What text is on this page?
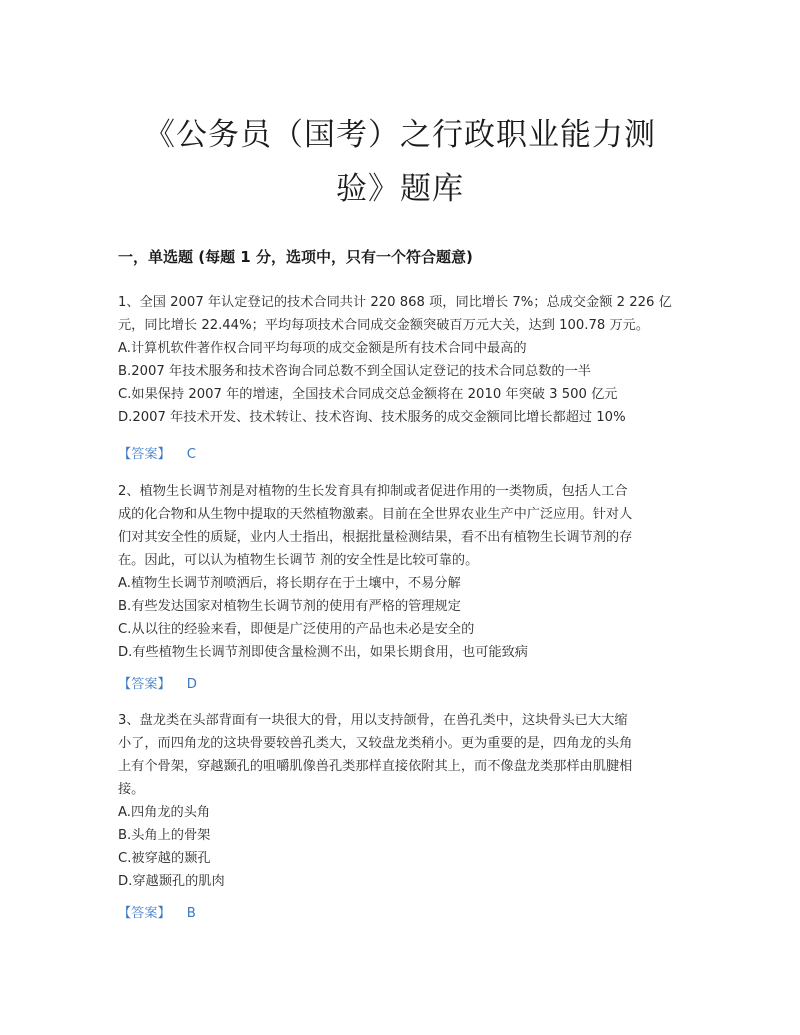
《公务员（国考）之行政职业能力测
验》题库
一，单选题 (每题 1 分，选项中，只有一个符合题意)

1、全国 2007 年认定登记的技术合同共计 220 868 项，同比增长 7%；总成交金额 2 226 亿

元，同比增长 22.44%；平均每项技术合同成交金额突破百万元大关，达到 100.78 万元。

A.计算机软件著作权合同平均每项的成交金额是所有技术合同中最高的

B.2007 年技术服务和技术咨询合同总数不到全国认定登记的技术合同总数的一半

C.如果保持 2007 年的增速，全国技术合同成交总金额将在 2010 年突破 3 500 亿元

D.2007 年技术开发、技术转让、技术咨询、技术服务的成交金额同比增长都超过 10%

【答案】 C

2、植物生长调节剂是对植物的生长发育具有抑制或者促进作用的一类物质，包括人工合

成的化合物和从生物中提取的天然植物激素。目前在全世界农业生产中广泛应用。针对人

们对其安全性的质疑，业内人士指出，根据批量检测结果，看不出有植物生长调节剂的存

在。因此，可以认为植物生长调节 剂的安全性是比较可靠的。

A.植物生长调节剂喷洒后，将长期存在于土壤中，不易分解

B.有些发达国家对植物生长调节剂的使用有严格的管理规定

C.从以往的经验来看，即便是广泛使用的产品也未必是安全的

D.有些植物生长调节剂即使含量检测不出，如果长期食用，也可能致病

【答案】 D

3、盘龙类在头部背面有一块很大的骨，用以支持颌骨，在兽孔类中，这块骨头已大大缩

小了，而四角龙的这块骨要较兽孔类大，又较盘龙类稍小。更为重要的是，四角龙的头角

上有个骨架，穿越颞孔的咀嚼肌像兽孔类那样直接依附其上，而不像盘龙类那样由肌腱相

接。

A.四角龙的头角

B.头角上的骨架

C.被穿越的颞孔

D.穿越颞孔的肌肉

【答案】 B
